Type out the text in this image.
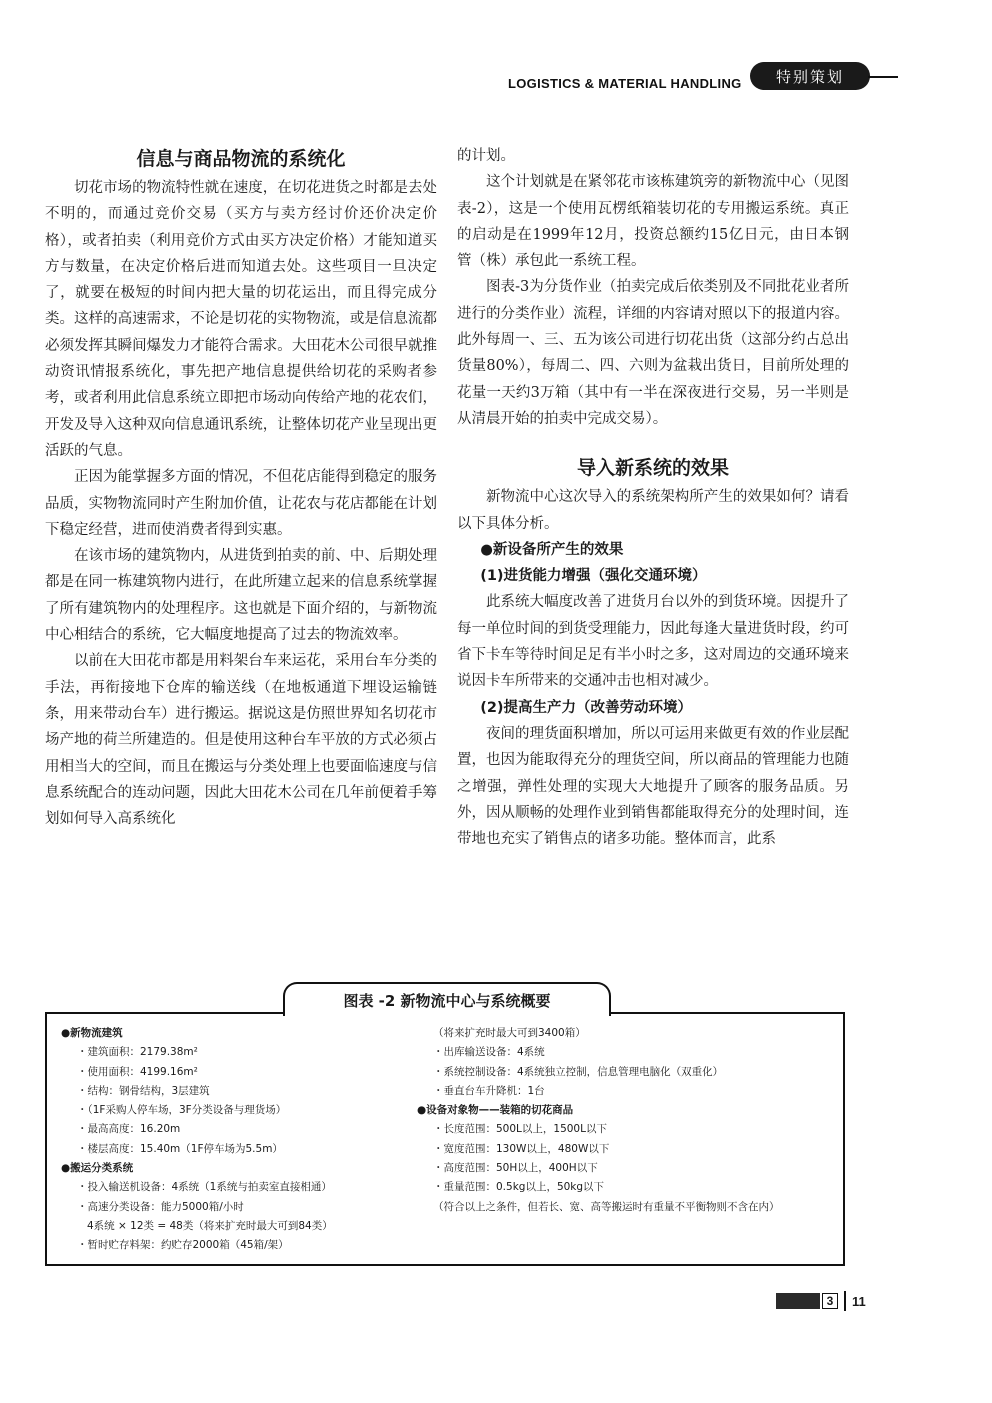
LOGISTICS & MATERIAL HANDLING	特别策划
信息与商品物流的系统化

切花市场的物流特性就在速度，在切花进货之时都是去处不明的，而通过竞价交易（买方与卖方经讨价还价决定价格），或者拍卖（利用竞价方式由买方决定价格）才能知道买方与数量，在决定价格后进而知道去处。这些项目一旦决定了，就要在极短的时间内把大量的切花运出，而且得完成分类。这样的高速需求，不论是切花的实物物流，或是信息流都必须发挥其瞬间爆发力才能符合需求。大田花木公司很早就推动资讯情报系统化，事先把产地信息提供给切花的采购者参考，或者利用此信息系统立即把市场动向传给产地的花农们，开发及导入这种双向信息通讯系统，让整体切花产业呈现出更活跃的气息。

正因为能掌握多方面的情况，不但花店能得到稳定的服务品质，实物物流同时产生附加价值，让花农与花店都能在计划下稳定经营，进而使消费者得到实惠。

在该市场的建筑物内，从进货到拍卖的前、中、后期处理都是在同一栋建筑物内进行，在此所建立起来的信息系统掌握了所有建筑物内的处理程序。这也就是下面介绍的，与新物流中心相结合的系统，它大幅度地提高了过去的物流效率。

以前在大田花市都是用料架台车来运花，采用台车分类的手法，再衔接地下仓库的输送线（在地板通道下埋设运输链条，用来带动台车）进行搬运。据说这是仿照世界知名切花市场产地的荷兰所建造的。但是使用这种台车平放的方式必须占用相当大的空间，而且在搬运与分类处理上也要面临速度与信息系统配合的连动问题，因此大田花木公司在几年前便着手筹划如何导入高系统化

的计划。

这个计划就是在紧邻花市该栋建筑旁的新物流中心（见图表-2），这是一个使用瓦楞纸箱装切花的专用搬运系统。真正的启动是在1999年12月，投资总额约15亿日元，由日本钢管（株）承包此一系统工程。

图表-3为分货作业（拍卖完成后依类别及不同批花业者所进行的分类作业）流程，详细的内容请对照以下的报道内容。此外每周一、三、五为该公司进行切花出货（这部分约占总出货量80%），每周二、四、六则为盆栽出货日，目前所处理的花量一天约3万箱（其中有一半在深夜进行交易，另一半则是从清晨开始的拍卖中完成交易）。

导入新系统的效果

新物流中心这次导入的系统架构所产生的效果如何？请看以下具体分析。

●新设备所产生的效果
(1)进货能力增强（强化交通环境）

此系统大幅度改善了进货月台以外的到货环境。因提升了每一单位时间的到货受理能力，因此每逢大量进货时段，约可省下卡车等待时间足足有半小时之多，这对周边的交通环境来说因卡车所带来的交通冲击也相对减少。

(2)提高生产力（改善劳动环境）

夜间的理货面积增加，所以可运用来做更有效的作业层配置，也因为能取得充分的理货空间，所以商品的管理能力也随之增强，弹性处理的实现大大地提升了顾客的服务品质。另外，因从顺畅的处理作业到销售都能取得充分的处理时间，连带地也充实了销售点的诸多功能。整体而言，此系

图表 -2 新物流中心与系统概要
●新物流建筑
・建筑面积：2179.38m²
・使用面积：4199.16m²
・结构：钢骨结构，3层建筑
・（1F采购人停车场，3F分类设备与理货场）
・最高高度：16.20m
・楼层高度：15.40m（1F停车场为5.5m）
●搬运分类系统
・投入输送机设备：4系统（1系统与拍卖室直接相通）
・高速分类设备：能力5000箱/小时
4系统 × 12类 = 48类（将来扩充时最大可到84类）
・暂时贮存料架：约贮存2000箱（45箱/架）
（将来扩充时最大可到3400箱）
・出库输送设备：4系统
・系统控制设备：4系统独立控制，信息管理电脑化（双重化）
・垂直台车升降机：1台
●设备对象物——装箱的切花商品
・长度范围：500L以上，1500L以下
・宽度范围：130W以上，480W以下
・高度范围：50H以上，400H以下
・重量范围：0.5kg以上，50kg以下
（符合以上之条件，但若长、宽、高等搬运时有重量不平衡物则不含在内）
3	11
